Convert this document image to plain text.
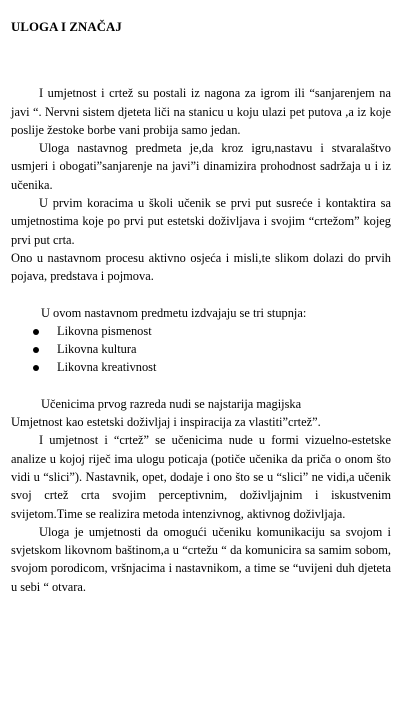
ULOGA I ZNAČAJ

I umjetnost i crtež su postali iz nagona za igrom ili “sanjarenjem na javi “. Nervni sistem djeteta liči na stanicu u koju ulazi pet putova ,a iz koje poslije žestoke borbe vani probija samo jedan.

Uloga nastavnog predmeta je,da kroz igru,nastavu i stvaralaštvo usmjeri i obogati”sanjarenje na javi”i dinamizira prohodnost sadržaja u i iz učenika.

U prvim koracima u školi učenik se prvi put susreće i kontaktira sa umjetnostima koje po prvi put estetski doživljava i svojim “crtežom” kojeg prvi put crta.

Ono u nastavnom procesu aktivno osjeća i misli,te slikom dolazi do prvih pojava, predstava i pojmova.

U ovom nastavnom predmetu izdvajaju se tri stupnja:

Likovna pismenost
Likovna kultura
Likovna kreativnost

Učenicima prvog razreda nudi se najstarija magijska

Umjetnost kao estetski doživljaj i inspiracija za vlastiti”crtež”.

I umjetnost i “crtež” se učenicima nude u formi vizuelno-estetske analize u kojoj riječ ima ulogu poticaja (potiče učenika da priča o onom što vidi u “slici”). Nastavnik, opet, dodaje i ono što se u “slici” ne vidi,a učenik svoj crtež crta svojim perceptivnim, doživljajnim i iskustvenim svijetom.Time se realizira metoda intenzivnog, aktivnog doživljaja.

Uloga je umjetnosti da omogući učeniku komunikaciju sa svojom i svjetskom likovnom baštinom,a u “crtežu “ da komunicira sa samim sobom, svojom porodicom, vršnjacima i nastavnikom, a time se “uvijeni duh djeteta u sebi “ otvara.
